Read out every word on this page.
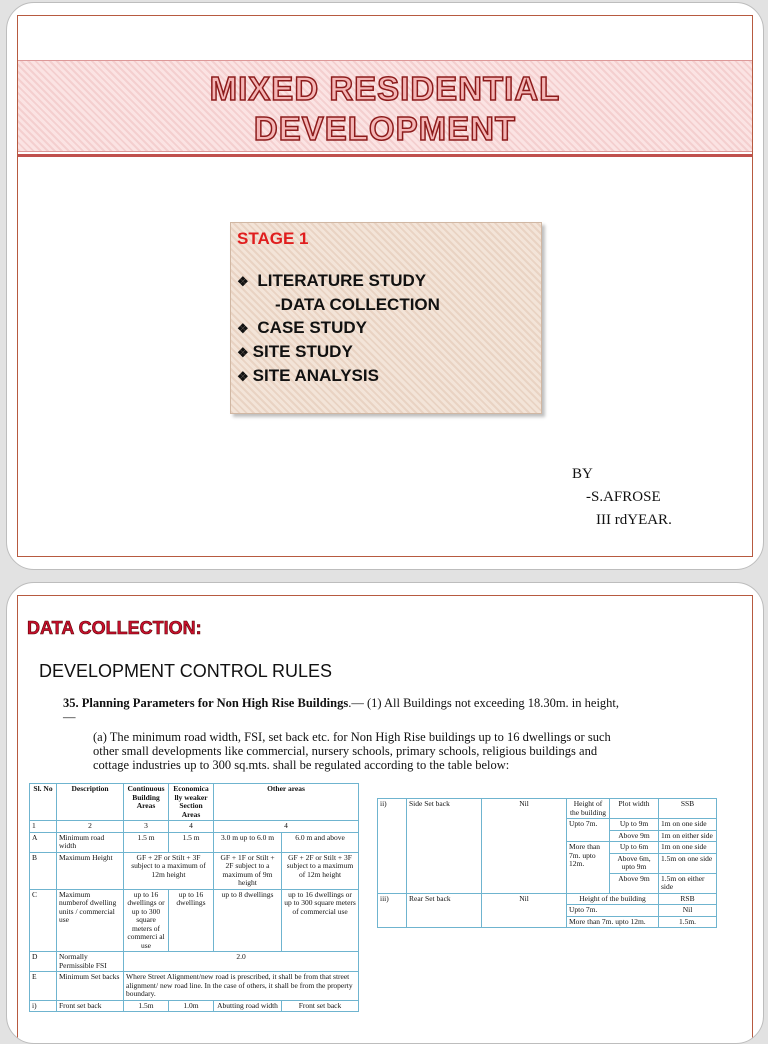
MIXED RESIDENTIAL
DEVELOPMENT
STAGE 1
❖ LITERATURE STUDY
-DATA COLLECTION
❖ CASE STUDY
❖ SITE STUDY
❖ SITE ANALYSIS
BY
-S.AFROSE
III rdYEAR.
DATA COLLECTION:
DEVELOPMENT CONTROL RULES

35. Planning Parameters for Non High Rise Buildings.— (1) All Buildings not exceeding 18.30m. in height,—

(a) The minimum road width, FSI, set back etc. for Non High Rise buildings up to 16 dwellings or such other small developments like commercial, nursery schools, primary schools, religious buildings and cottage industries up to 300 sq.mts. shall be regulated according to the table below:

Sl. No	Description	Continuous Building Areas	Economica lly weaker Section Areas	Other areas	
1	2	3	4	4	
A	Minimum road width	1.5 m	1.5 m	3.0 m up to 6.0 m	6.0 m and above
B	Maximum Height	GF + 2F or Stilt + 3F subject to a maximum of 12m height		GF + 1F or Stilt + 2F subject to a maximum of 9m height	GF + 2F or Stilt + 3F subject to a maximum of 12m height
C	Maximum numberof dwelling units / commercial use	up to 16 dwellings or up to 300 square meters of commerci al use	up to 16 dwellings	up to 8 dwellings	up to 16 dwellings or up to 300 square meters of commercial use
D	Normally Permissible FSI	2.0			
E	Minimum Set backs	Where Street Alignment/new road is prescribed, it shall be from that street alignment/ new road line. In the case of others, it shall be from the property boundary.			
i)	Front set back	1.5m	1.0m	Abutting road width	Front set back
ii)	Side Set back	Nil	Height of the building	Plot width	SSB
			Upto 7m.	Up to 9m	1m on one side
				Above 9m	1m on either side
			More than 7m. upto 12m.	Up to 6m	1m on one side
				Above 6m, upto 9m	1.5m on one side
				Above 9m	1.5m on either side
iii)	Rear Set back	Nil	Height of the building		RSB
			Upto 7m.		Nil
			More than 7m. upto 12m.		1.5m.
